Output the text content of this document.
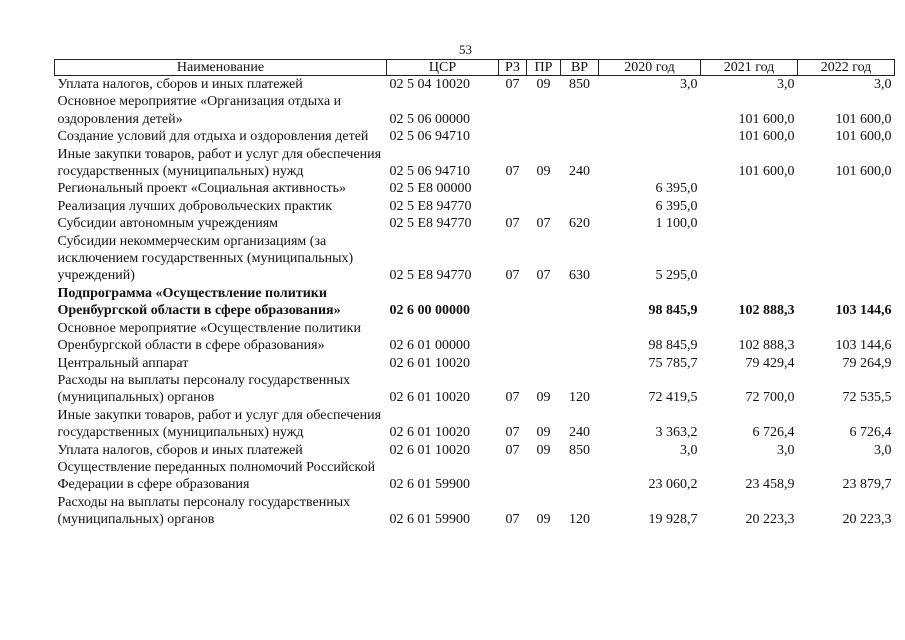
53
Наименование	ЦСР	РЗ	ПР	ВР	2020 год	2021 год	2022 год
Уплата налогов, сборов и иных платежей	02 5 04 10020	07	09	850	3,0	3,0	3,0
Основное мероприятие «Организация отдыха и оздоровления детей»	02 5 06 00000					101 600,0	101 600,0
Создание условий для отдыха и оздоровления детей	02 5 06 94710					101 600,0	101 600,0
Иные закупки товаров, работ и услуг для обеспечения государственных (муниципальных) нужд	02 5 06 94710	07	09	240		101 600,0	101 600,0
Региональный проект «Социальная активность»	02 5 E8 00000				6 395,0		
Реализация лучших добровольческих практик	02 5 E8 94770				6 395,0		
Субсидии автономным учреждениям	02 5 E8 94770	07	07	620	1 100,0		
Субсидии некоммерческим организациям (за исключением государственных (муниципальных) учреждений)	02 5 E8 94770	07	07	630	5 295,0		
Подпрограмма «Осуществление политики Оренбургской области в сфере образования»	02 6 00 00000				98 845,9	102 888,3	103 144,6
Основное мероприятие «Осуществление политики Оренбургской области в сфере образования»	02 6 01 00000				98 845,9	102 888,3	103 144,6
Центральный аппарат	02 6 01 10020				75 785,7	79 429,4	79 264,9
Расходы на выплаты персоналу государственных (муниципальных) органов	02 6 01 10020	07	09	120	72 419,5	72 700,0	72 535,5
Иные закупки товаров, работ и услуг для обеспечения государственных (муниципальных) нужд	02 6 01 10020	07	09	240	3 363,2	6 726,4	6 726,4
Уплата налогов, сборов и иных платежей	02 6 01 10020	07	09	850	3,0	3,0	3,0
Осуществление переданных полномочий Российской Федерации в сфере образования	02 6 01 59900				23 060,2	23 458,9	23 879,7
Расходы на выплаты персоналу государственных (муниципальных) органов	02 6 01 59900	07	09	120	19 928,7	20 223,3	20 223,3
